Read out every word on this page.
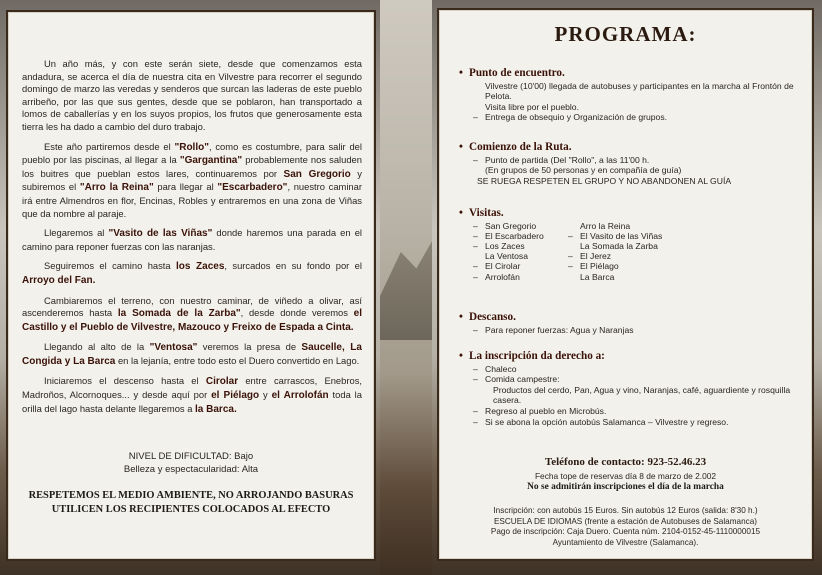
Un año más, y con este serán siete, desde que comenzamos esta andadura, se acerca el día de nuestra cita en Vilvestre para recorrer el segundo domingo de marzo las veredas y senderos que surcan las laderas de este pueblo arribeño, por las que sus gentes, desde que se poblaron, han transportado a lomos de caballerías y en los suyos propios, los frutos que generosamente esta tierra les ha dado a cambio del duro trabajo.

Este año partiremos desde el "Rollo", como es costumbre, para salir del pueblo por las piscinas, al llegar a la "Gargantina" probablemente nos saluden los buitres que pueblan estos lares, continuaremos por San Gregorio y subiremos el "Arro la Reina" para llegar al "Escarbadero", nuestro caminar irá entre Almendros en flor, Encinas, Robles y entraremos en una zona de Viñas que da nombre al paraje.

Llegaremos al "Vasito de las Viñas" donde haremos una parada en el camino para reponer fuerzas con las naranjas.

Seguiremos el camino hasta los Zaces, surcados en su fondo por el Arroyo del Fan.

Cambiaremos el terreno, con nuestro caminar, de viñedo a olivar, así ascenderemos hasta la Somada de la Zarba", desde donde veremos el Castillo y el Pueblo de Vilvestre, Mazouco y Freixo de Espada a Cinta.

Llegando al alto de la "Ventosa" veremos la presa de Saucelle, La Congida y La Barca en la lejanía, entre todo esto el Duero convertido en Lago.

Iniciaremos el descenso hasta el Cirolar entre carrascos, Enebros, Madroños, Alcornoques... y desde aquí por el Piélago y el Arrolofán toda la orilla del lago hasta delante llegaremos a la Barca.

NIVEL DE DIFICULTAD: Bajo
Belleza y espectacularidad: Alta
RESPETEMOS EL MEDIO AMBIENTE, NO ARROJANDO BASURAS
UTILICEN LOS RECIPIENTES COLOCADOS AL EFECTO
PROGRAMA:
• Punto de encuentro.
Vilvestre (10'00) llegada de autobuses y participantes en la marcha al Frontón de Pelota.
Visita libre por el pueblo.
– Entrega de obsequio y Organización de grupos.
• Comienzo de la Ruta.
– Punto de partida (Del "Rollo", a las 11'00 h.
(En grupos de 50 personas y en compañía de guía)
SE RUEGA RESPETEN EL GRUPO Y NO ABANDONEN AL GUÍA
• Visitas.
– San Gregorio
– El Escarbadero
– Los Zaces
La Ventosa
– El Cirolar
– Arrolofán
Arro la Reina
– El Vasito de las Viñas
La Somada la Zarba
– El Jerez
– El Piélago
La Barca
• Descanso.
– Para reponer fuerzas: Agua y Naranjas
• La inscripción da derecho a:
– Chaleco
– Comida campestre:
Productos del cerdo, Pan, Agua y vino, Naranjas, café, aguardiente y rosquilla casera.
– Regreso al pueblo en Microbús.
– Si se abona la opción autobús Salamanca – Vilvestre y regreso.
Teléfono de contacto: 923-52.46.23
Fecha tope de reservas día 8 de marzo de 2.002
No se admitirán inscripciones el día de la marcha
Inscripción: con autobús 15 Euros. Sin autobús 12 Euros (salida: 8'30 h.)
ESCUELA DE IDIOMAS (frente a estación de Autobuses de Salamanca)
Pago de inscripción: Caja Duero. Cuenta núm. 2104-0152-45-1110000015
Ayuntamiento de Vilvestre (Salamanca).
